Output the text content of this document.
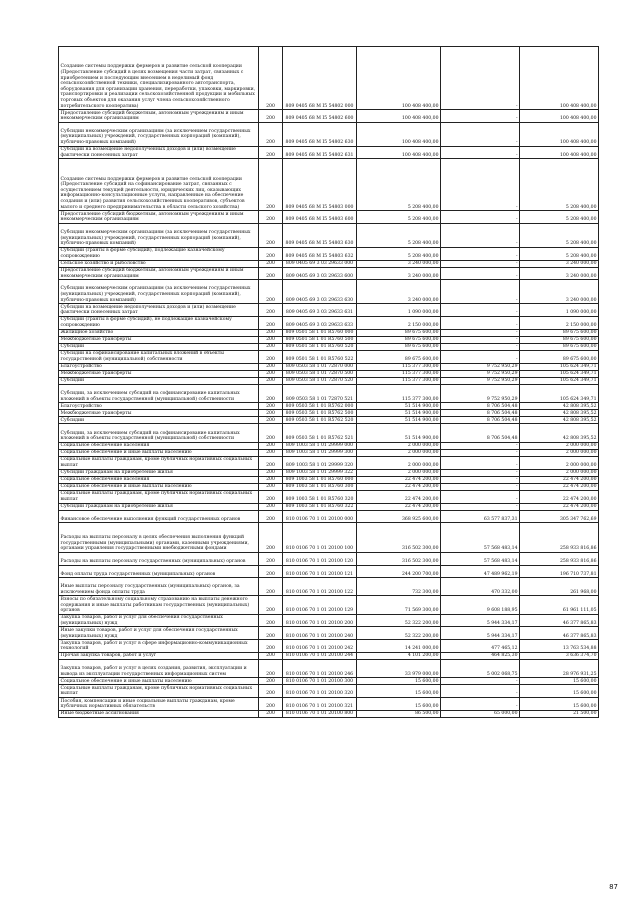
Создание системы поддержки фермеров и развитие сельской кооперации (Предоставление субсидий в целях возмещения части затрат, связанных с приобретением и последующим внесением в неделимый фонд сельскохозяйственной техники, специализированного автотранспорта, оборудования для организации хранения, переработки, упаковки, маркировки, транспортировки и реализации сельскохозяйственной продукции и мобильных торговых объектов для оказания услуг члена сельскохозяйственного потребительского кооператива)	200	809 0405 68 М I5 54802 000	100 408 400,00	-	100 408 400,00
Предоставление субсидий бюджетным, автономным учреждениям и иным некоммерческим организациям	200	809 0405 68 М I5 54802 600	100 408 400,00	-	100 408 400,00
Субсидии некоммерческим организациям (за исключением государственных (муниципальных) учреждений, государственных корпораций (компаний), публично-правовых компаний)	200	809 0405 68 М I5 54802 630	100 408 400,00	-	100 408 400,00
Субсидии на возмещение недополученных доходов и (или) возмещение фактически понесенных затрат	200	809 0405 68 М I5 54802 631	100 408 400,00	-	100 408 400,00
Создание системы поддержки фермеров и развитие сельской кооперации (Предоставление субсидий на софинансирование затрат, связанных с осуществлением текущей деятельности, юридических лиц, оказывающих информационно-консультационные услуги, направленные на обеспечение создания и (или) развития сельскохозяйственных кооперативов, субъектов малого и среднего предпринимательства в области сельского хозяйства)	200	809 0405 68 М I5 54803 000	5 208 400,00	-	5 208 400,00
Предоставление субсидий бюджетным, автономным учреждениям и иным некоммерческим организациям	200	809 0405 68 М I5 54803 600	5 208 400,00	-	5 208 400,00
Субсидии некоммерческим организациям (за исключением государственных (муниципальных) учреждений, государственных корпораций (компаний), публично-правовых компаний)	200	809 0405 68 М I5 54803 630	5 208 400,00	-	5 208 400,00
Субсидии (гранты в форме субсидий), подлежащие казначейскому сопровождению	200	809 0405 68 М I5 54803 632	5 208 400,00	-	5 208 400,00
Сельское хозяйство и рыболовство	200	809 0405 69 3 03 29633 000	3 240 000,00	-	3 240 000,00
Предоставление субсидий бюджетным, автономным учреждениям и иным некоммерческим организациям	200	809 0405 69 3 03 29633 600	3 240 000,00	-	3 240 000,00
Субсидии некоммерческим организациям (за исключением государственных (муниципальных) учреждений, государственных корпораций (компаний), публично-правовых компаний)	200	809 0405 69 3 03 29633 630	3 240 000,00	-	3 240 000,00
Субсидии на возмещение недополученных доходов и (или) возмещение фактически понесенных затрат	200	809 0405 69 3 03 29633 631	1 090 000,00	-	1 090 000,00
Субсидии (гранты в форме субсидий), не подлежащие казначейскому сопровождению	200	809 0405 69 3 03 29633 633	2 150 000,00	-	2 150 000,00
Жилищное хозяйство	200	809 0501 58 1 01 R5760 000	89 675 600,00	-	89 675 600,00
Межбюджетные трансферты	200	809 0501 58 1 01 R5760 500	89 675 600,00	-	89 675 600,00
Субсидии	200	809 0501 58 1 01 R5760 520	89 675 600,00	-	89 675 600,00
Субсидии на софинансирование капитальных вложений в объекты государственной (муниципальной) собственности	200	809 0501 58 1 01 R5760 522	89 675 600,00	-	89 675 600,00
Благоустройство	200	809 0503 58 1 01 72870 000	115 377 300,00	9 752 950,29	105 624 349,71
Межбюджетные трансферты	200	809 0503 58 1 01 72870 500	115 377 300,00	9 752 950,29	105 624 349,71
Субсидии	200	809 0503 58 1 01 72870 520	115 377 300,00	9 752 950,29	105 624 349,71
Субсидии, за исключением субсидий на софинансирование капитальных вложений в объекты государственной (муниципальной) собственности	200	809 0503 58 1 01 72870 521	115 377 300,00	9 752 950,29	105 624 349,71
Благоустройство	200	809 0503 58 1 01 R5762 000	51 514 900,00	8 706 504,48	42 808 395,52
Межбюджетные трансферты	200	809 0503 58 1 01 R5762 500	51 514 900,00	8 706 504,48	42 808 395,52
Субсидии	200	809 0503 58 1 01 R5762 520	51 514 900,00	8 706 504,48	42 808 395,52
Субсидии, за исключением субсидий на софинансирование капитальных вложений в объекты государственной (муниципальной) собственности	200	809 0503 58 1 01 R5762 521	51 514 900,00	8 706 504,48	42 808 395,52
Социальное обеспечение населения	200	809 1003 58 1 01 29999 000	2 000 000,00	-	2 000 000,00
Социальное обеспечение и иные выплаты населению	200	809 1003 58 1 01 29999 300	2 000 000,00	-	2 000 000,00
Социальные выплаты гражданам, кроме публичных нормативных социальных выплат	200	809 1003 58 1 01 29999 320	2 000 000,00	-	2 000 000,00
Субсидии гражданам на приобретение жилья	200	809 1003 58 1 01 29999 322	2 000 000,00	-	2 000 000,00
Социальное обеспечение населения	200	809 1003 58 1 01 R5760 000	22 474 200,00	-	22 474 200,00
Социальное обеспечение и иные выплаты населению	200	809 1003 58 1 01 R5760 300	22 474 200,00	-	22 474 200,00
Социальные выплаты гражданам, кроме публичных нормативных социальных выплат	200	809 1003 58 1 01 R5760 320	22 474 200,00	-	22 474 200,00
Субсидии гражданам на приобретение жилья	200	809 1003 58 1 01 R5760 322	22 474 200,00	-	22 474 200,00
Финансовое обеспечение выполнения функций государственных органов	200	810 0106 70 1 01 20100 000	368 925 600,00	63 577 837,31	305 347 762,69
Расходы на выплаты персоналу в целях обеспечения выполнения функций государственными (муниципальными) органами, казенными учреждениями, органами управления государственными внебюджетными фондами	200	810 0106 70 1 01 20100 100	316 502 300,00	57 568 483,14	258 933 816,86
Расходы на выплаты персоналу государственных (муниципальных) органов	200	810 0106 70 1 01 20100 120	316 502 300,00	57 568 483,14	258 933 816,86
Фонд оплаты труда государственных (муниципальных) органов	200	810 0106 70 1 01 20100 121	244 200 700,00	47 489 962,19	196 710 737,81
Иные выплаты персоналу государственных (муниципальных) органов, за исключением фонда оплаты труда	200	810 0106 70 1 01 20100 122	732 300,00	470 332,00	261 968,00
Взносы по обязательному социальному страхованию на выплаты денежного содержания и иные выплаты работникам государственных (муниципальных) органов	200	810 0106 70 1 01 20100 129	71 569 300,00	9 608 188,95	61 961 111,05
Закупка товаров, работ и услуг для обеспечения государственных (муниципальных) нужд	200	810 0106 70 1 01 20100 200	52 322 200,00	5 944 334,17	46 377 865,83
Иные закупки товаров, работ и услуг для обеспечения государственных (муниципальных) нужд	200	810 0106 70 1 01 20100 240	52 322 200,00	5 944 334,17	46 377 865,83
Закупка товаров, работ и услуг в сфере информационно-коммуникационных технологий	200	810 0106 70 1 01 20100 242	14 241 000,00	477 465,12	13 763 534,88
Прочая закупка товаров, работ и услуг	200	810 0106 70 1 01 20100 244	4 101 200,00	464 825,30	3 636 374,70
Закупка товаров, работ и услуг в целях создания, развития, эксплуатации и вывода из эксплуатации государственных информационных систем	200	810 0106 70 1 01 20100 246	33 979 000,00	5 002 068,75	28 976 931,25
Социальное обеспечение и иные выплаты населению	200	810 0106 70 1 01 20100 300	15 600,00	-	15 600,00
Социальные выплаты гражданам, кроме публичных нормативных социальных выплат	200	810 0106 70 1 01 20100 320	15 600,00	-	15 600,00
Пособия, компенсации и иные социальные выплаты гражданам, кроме публичных нормативных обязательств	200	810 0106 70 1 01 20100 321	15 600,00	-	15 600,00
Иные бюджетные ассигнования	200	810 0106 70 1 01 20100 800	86 500,00	65 000,00	21 500,00
87
